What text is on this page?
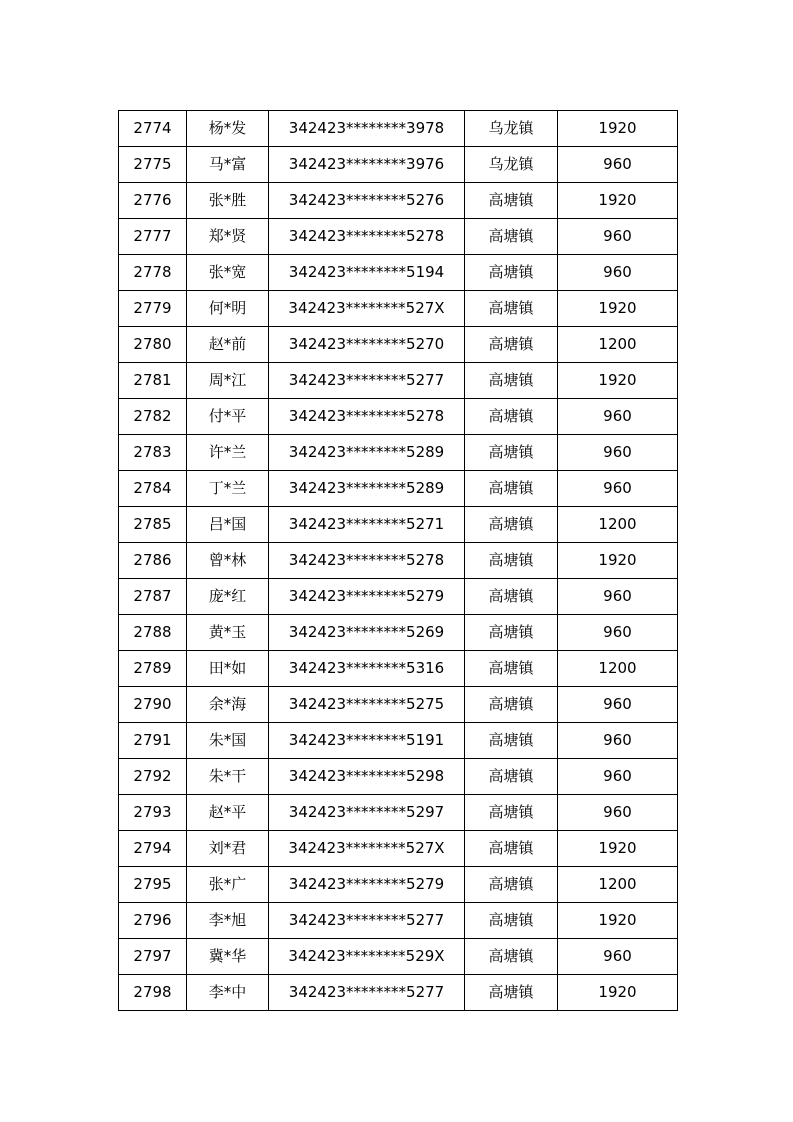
2774	杨*发	342423********3978	乌龙镇	1920
2775	马*富	342423********3976	乌龙镇	960
2776	张*胜	342423********5276	高塘镇	1920
2777	郑*贤	342423********5278	高塘镇	960
2778	张*宽	342423********5194	高塘镇	960
2779	何*明	342423********527X	高塘镇	1920
2780	赵*前	342423********5270	高塘镇	1200
2781	周*江	342423********5277	高塘镇	1920
2782	付*平	342423********5278	高塘镇	960
2783	许*兰	342423********5289	高塘镇	960
2784	丁*兰	342423********5289	高塘镇	960
2785	吕*国	342423********5271	高塘镇	1200
2786	曾*林	342423********5278	高塘镇	1920
2787	庞*红	342423********5279	高塘镇	960
2788	黄*玉	342423********5269	高塘镇	960
2789	田*如	342423********5316	高塘镇	1200
2790	余*海	342423********5275	高塘镇	960
2791	朱*国	342423********5191	高塘镇	960
2792	朱*干	342423********5298	高塘镇	960
2793	赵*平	342423********5297	高塘镇	960
2794	刘*君	342423********527X	高塘镇	1920
2795	张*广	342423********5279	高塘镇	1200
2796	李*旭	342423********5277	高塘镇	1920
2797	冀*华	342423********529X	高塘镇	960
2798	李*中	342423********5277	高塘镇	1920
